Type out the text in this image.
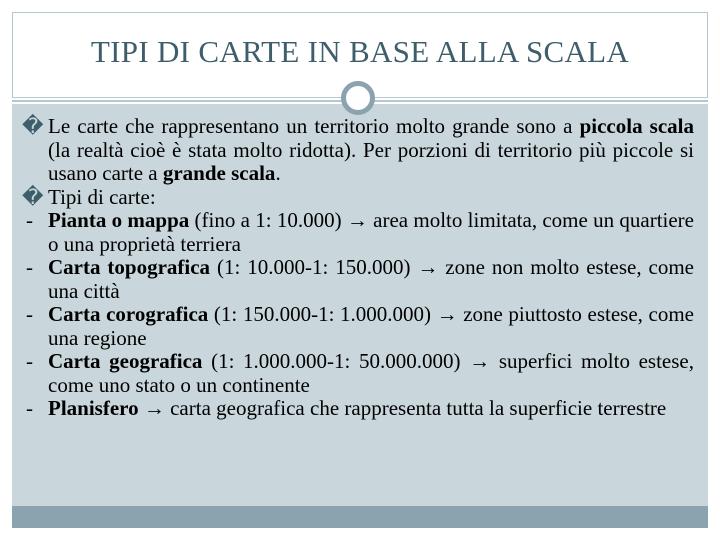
TIPI DI CARTE IN BASE ALLA SCALA
� Le carte che rappresentano un territorio molto grande sono a piccola scala (la realtà cioè è stata molto ridotta). Per porzioni di territorio più piccole si usano carte a grande scala.
� Tipi di carte:
- Pianta o mappa (fino a 1: 10.000) → area molto limitata, come un quartiere o una proprietà terriera
- Carta topografica (1: 10.000-1: 150.000) → zone non molto estese, come una città
- Carta corografica (1: 150.000-1: 1.000.000) → zone piuttosto estese, come una regione
- Carta geografica (1: 1.000.000-1: 50.000.000) → superfici molto estese, come uno stato o un continente
- Planisfero → carta geografica che rappresenta tutta la superficie terrestre
